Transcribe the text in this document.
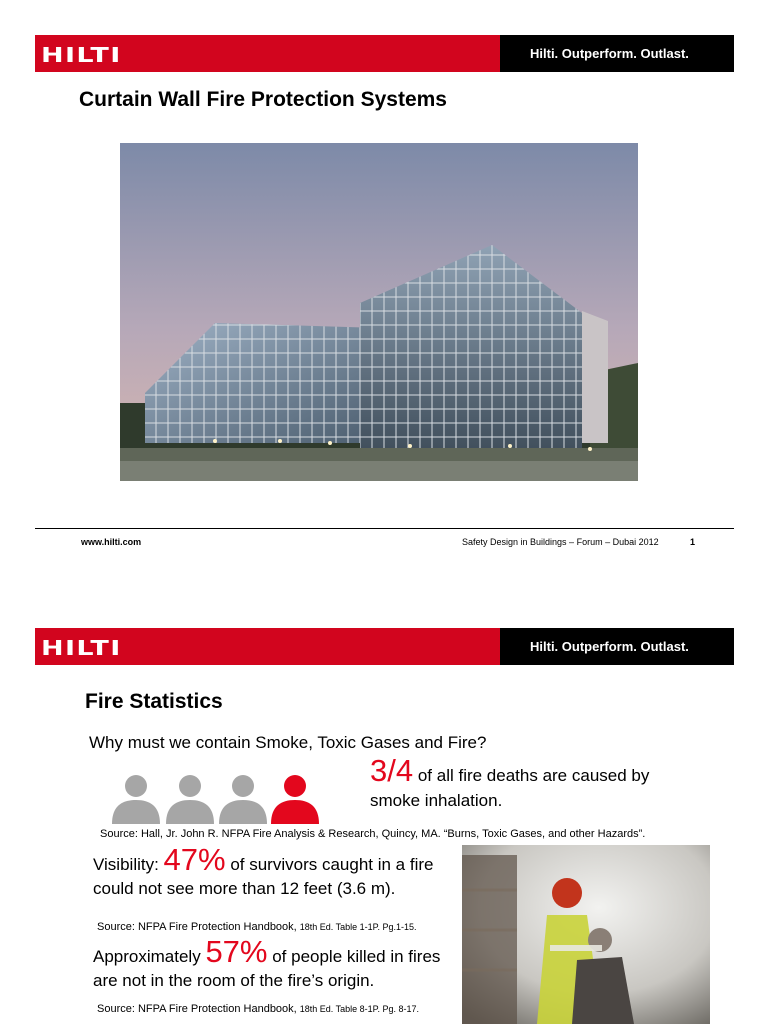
HILTI	Hilti. Outperform. Outlast.
Curtain Wall Fire Protection Systems
www.hilti.com	Safety Design in Buildings – Forum – Dubai 2012	1
HILTI	Hilti. Outperform. Outlast.
Fire Statistics
Why must we contain Smoke, Toxic Gases and Fire?
3/4 of all fire deaths are caused by
smoke inhalation.
Source: Hall, Jr. John R. NFPA Fire Analysis & Research, Quincy, MA. “Burns, Toxic Gases, and other Hazards”.
Visibility: 47% of survivors caught in a fire could not see more than 12 feet (3.6 m).
Source: NFPA Fire Protection Handbook, 18th Ed. Table 1-1P. Pg.1-15.
Approximately 57% of people killed in fires are not in the room of the fire’s origin.
Source: NFPA Fire Protection Handbook, 18th Ed. Table 8-1P. Pg. 8-17.
